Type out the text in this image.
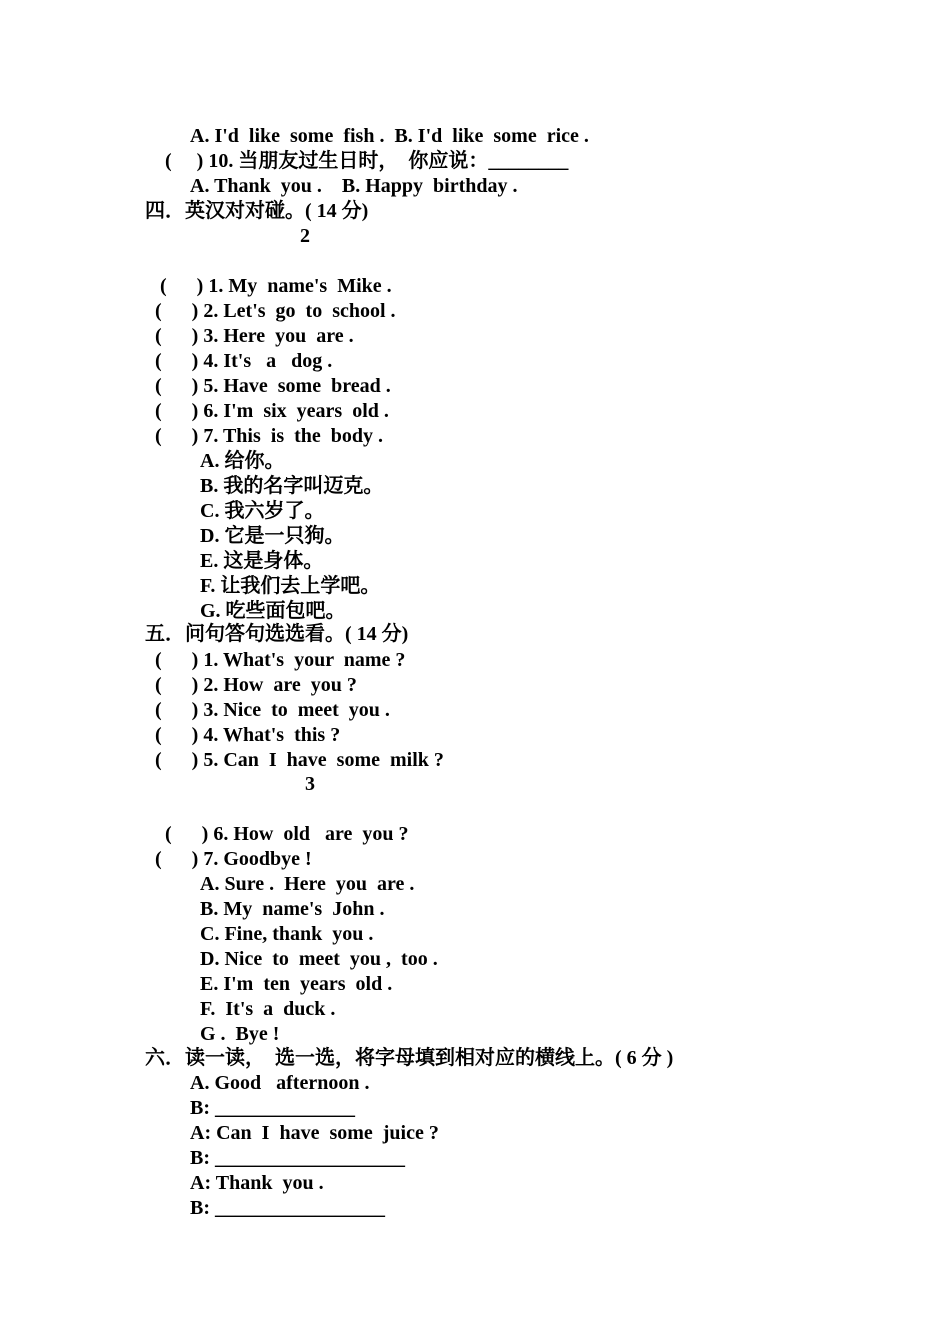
A. I'd  like  some  fish .  B. I'd  like  some  rice .
(     ) 10. 当朋友过生日时，  你应说：________
A. Thank  you .    B. Happy  birthday .
四．英汉对对碰。( 14 分)
2
(      ) 1. My  name's  Mike .
(      ) 2. Let's  go  to  school .
(      ) 3. Here  you  are .
(      ) 4. It's   a   dog .
(      ) 5. Have  some  bread .
(      ) 6. I'm  six  years  old .
(      ) 7. This  is  the  body .
A. 给你。
B. 我的名字叫迈克。
C. 我六岁了。
D. 它是一只狗。
E. 这是身体。
F. 让我们去上学吧。
G. 吃些面包吧。
五．问句答句选选看。( 14 分)
(      ) 1. What's  your  name ?
(      ) 2. How  are  you ?
(      ) 3. Nice  to  meet  you .
(      ) 4. What's  this ?
(      ) 5. Can  I  have  some  milk ?
3
(      ) 6. How  old   are  you ?
(      ) 7. Goodbye !
A. Sure .  Here  you  are .
B. My  name's  John .
C. Fine, thank  you .
D. Nice  to  meet  you ,  too .
E. I'm  ten  years  old .
F.  It's  a  duck .
G .  Bye !
六．读一读，  选一选，将字母填到相对应的横线上。( 6 分 )
A. Good   afternoon .
B: ______________
A: Can  I  have  some  juice ?
B: ___________________
A: Thank  you .
B: _________________
